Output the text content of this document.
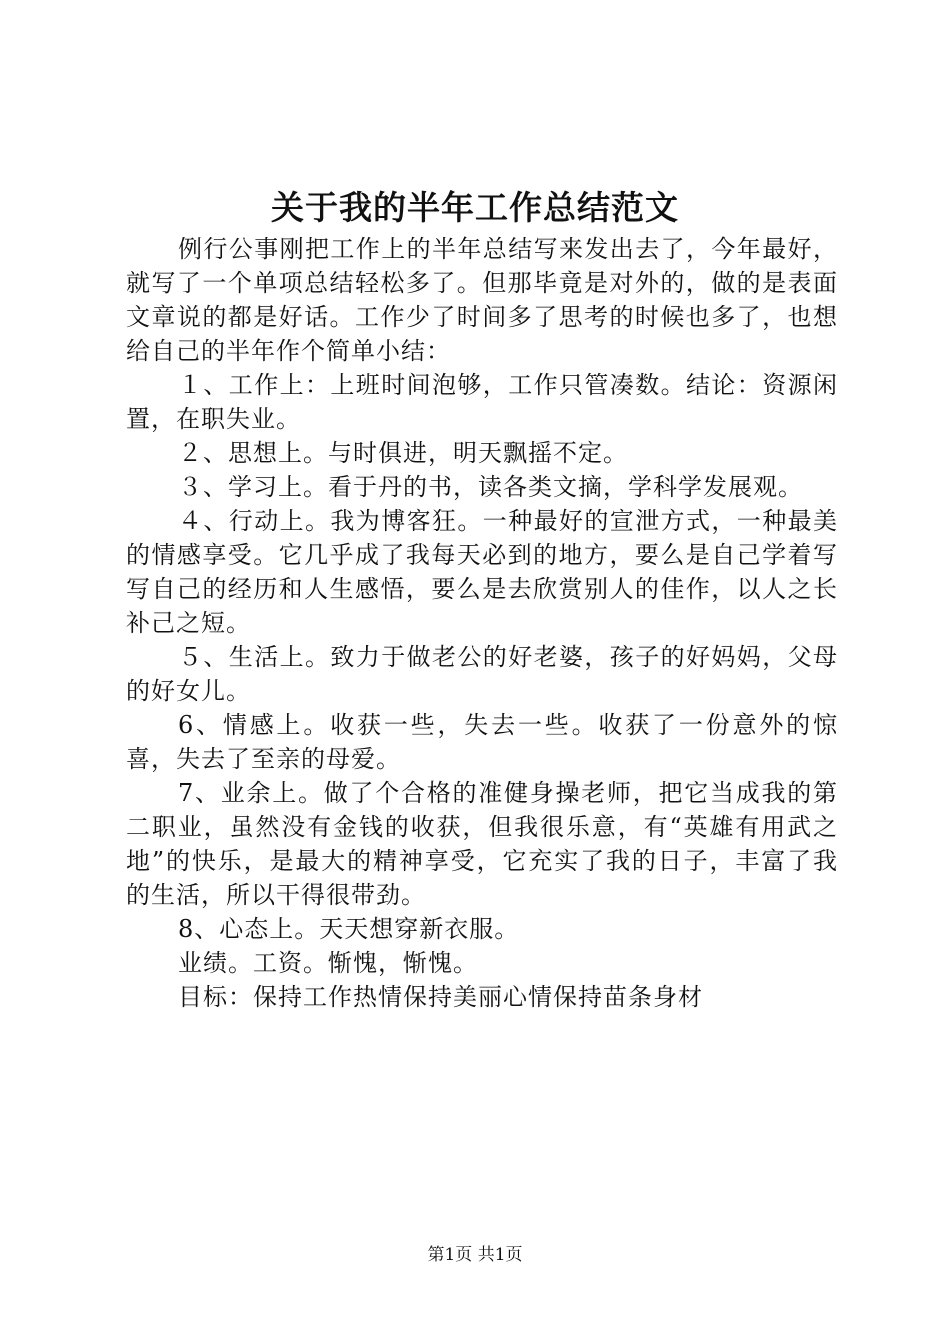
关于我的半年工作总结范文

例行公事刚把工作上的半年总结写来发出去了，今年最好，就写了一个单项总结轻松多了。但那毕竟是对外的，做的是表面文章说的都是好话。工作少了时间多了思考的时候也多了，也想给自己的半年作个简单小结：

１、工作上：上班时间泡够，工作只管凑数。结论：资源闲置，在职失业。

２、思想上。与时俱进，明天飘摇不定。

３、学习上。看于丹的书，读各类文摘，学科学发展观。

４、行动上。我为博客狂。一种最好的宣泄方式，一种最美的情感享受。它几乎成了我每天必到的地方，要么是自己学着写写自己的经历和人生感悟，要么是去欣赏别人的佳作，以人之长补己之短。

５、生活上。致力于做老公的好老婆，孩子的好妈妈，父母的好女儿。

6、情感上。收获一些，失去一些。收获了一份意外的惊喜，失去了至亲的母爱。

7、业余上。做了个合格的准健身操老师，把它当成我的第二职业，虽然没有金钱的收获，但我很乐意，有“英雄有用武之地”的快乐，是最大的精神享受，它充实了我的日子，丰富了我的生活，所以干得很带劲。

8、心态上。天天想穿新衣服。

业绩。工资。惭愧，惭愧。

目标：保持工作热情保持美丽心情保持苗条身材

第1页 共1页
